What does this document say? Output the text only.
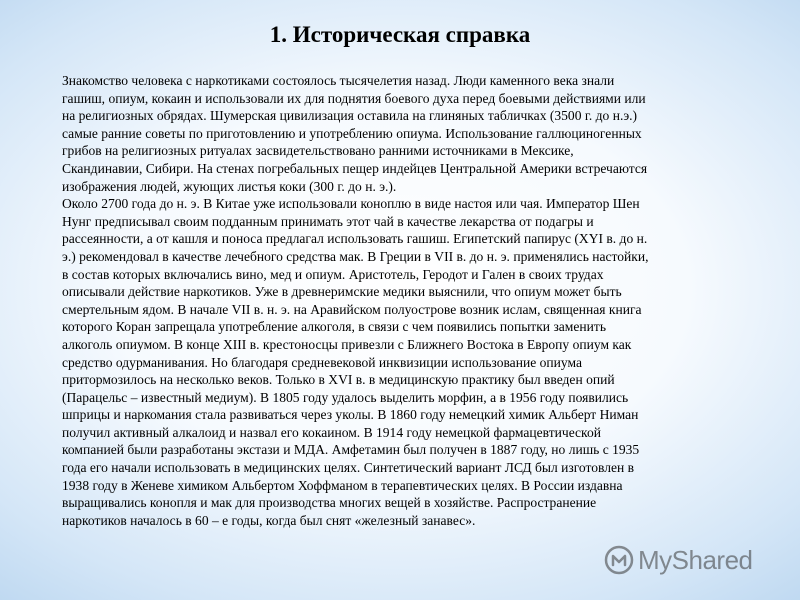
1. Историческая справка
Знакомство человека с наркотиками состоялось тысячелетия назад. Люди каменного века знали
гашиш, опиум, кокаин и использовали их для поднятия боевого духа перед боевыми действиями или
на религиозных обрядах. Шумерская цивилизация оставила на глиняных табличках (3500 г. до н.э.)
самые ранние советы по приготовлению и употреблению опиума. Использование галлюциногенных
грибов на религиозных ритуалах засвидетельствовано ранними источниками в Мексике,
Скандинавии, Сибири. На стенах погребальных пещер индейцев Центральной Америки встречаются
изображения людей, жующих листья коки (300 г. до н. э.).
Около 2700 года до н. э. В Китае уже использовали коноплю в виде настоя или чая. Император Шен
Нунг предписывал своим подданным принимать этот чай в качестве лекарства от подагры и
рассеянности, а от кашля и поноса предлагал использовать гашиш. Египетский папирус (XYI в. до н.
э.) рекомендовал в качестве лечебного средства мак. В Греции в VII в. до н. э. применялись настойки,
в состав которых включались вино, мед и опиум. Аристотель, Геродот и Гален в своих трудах
описывали действие наркотиков. Уже в древнеримские медики выяснили, что опиум может быть
смертельным ядом. В начале VII в. н. э. на Аравийском полуострове возник ислам, священная книга
которого Коран запрещала употребление алкоголя, в связи с чем появились попытки заменить
алкоголь опиумом. В конце XIII в. крестоносцы привезли с Ближнего Востока в Европу опиум как
средство одурманивания. Но благодаря средневековой инквизиции использование опиума
притормозилось на несколько веков. Только в XVI в. в медицинскую практику был введен опий
(Парацельс – известный медиум). В 1805 году удалось выделить морфин, а в 1956 году появились
шприцы и наркомания стала развиваться через уколы. В 1860 году немецкий химик Альберт Ниман
получил активный алкалоид и назвал его кокаином. В 1914 году немецкой фармацевтической
компанией были разработаны экстази и МДА. Амфетамин был получен в 1887 году, но лишь с 1935
года его начали использовать в медицинских целях. Синтетический вариант ЛСД был изготовлен в
1938 году в Женеве химиком Альбертом Хоффманом в терапевтических целях. В России издавна
выращивались конопля и мак для производства многих вещей в хозяйстве. Распространение
наркотиков началось в 60 – е годы, когда был снят «железный занавес».
MyShared
